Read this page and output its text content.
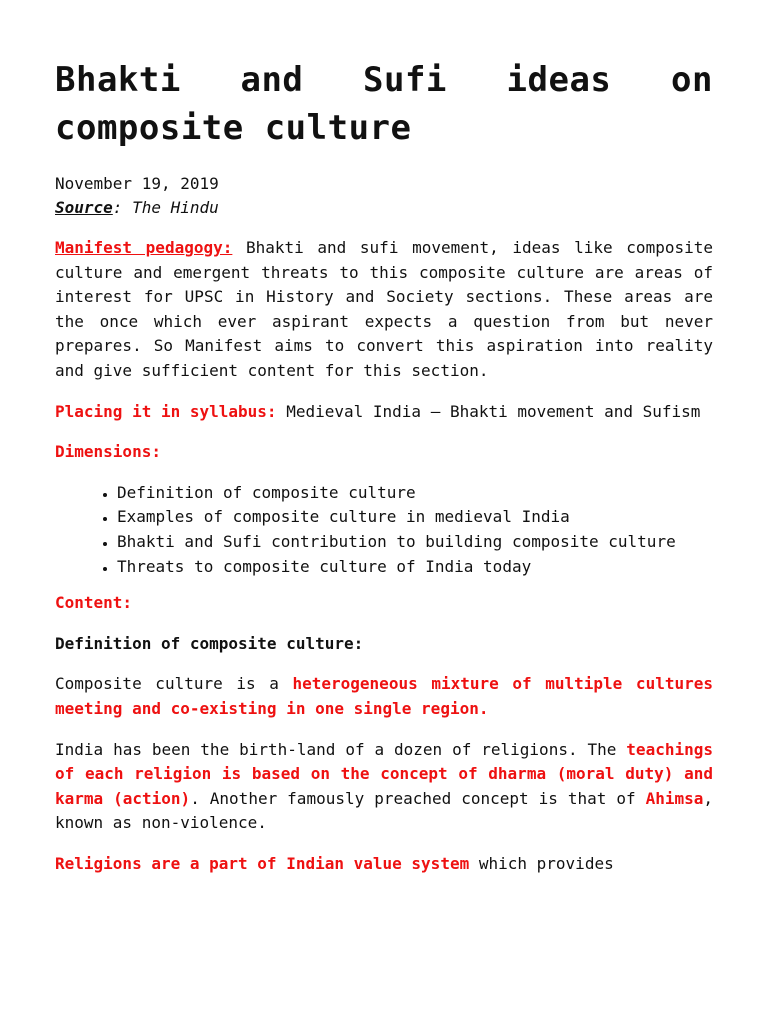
Bhakti and Sufi ideas on composite culture
November 19, 2019
Source: The Hindu

Manifest pedagogy: Bhakti and sufi movement, ideas like composite culture and emergent threats to this composite culture are areas of interest for UPSC in History and Society sections. These areas are the once which ever aspirant expects a question from but never prepares. So Manifest aims to convert this aspiration into reality and give sufficient content for this section.

Placing it in syllabus: Medieval India – Bhakti movement and Sufism

Dimensions:

• Definition of composite culture
• Examples of composite culture in medieval India
• Bhakti and Sufi contribution to building composite culture
• Threats to composite culture of India today

Content:

Definition of composite culture:

Composite culture is a heterogeneous mixture of multiple cultures meeting and co-existing in one single region.

India has been the birth-land of a dozen of religions. The teachings of each religion is based on the concept of dharma (moral duty) and karma (action). Another famously preached concept is that of Ahimsa, known as non-violence.

Religions are a part of Indian value system which provides
